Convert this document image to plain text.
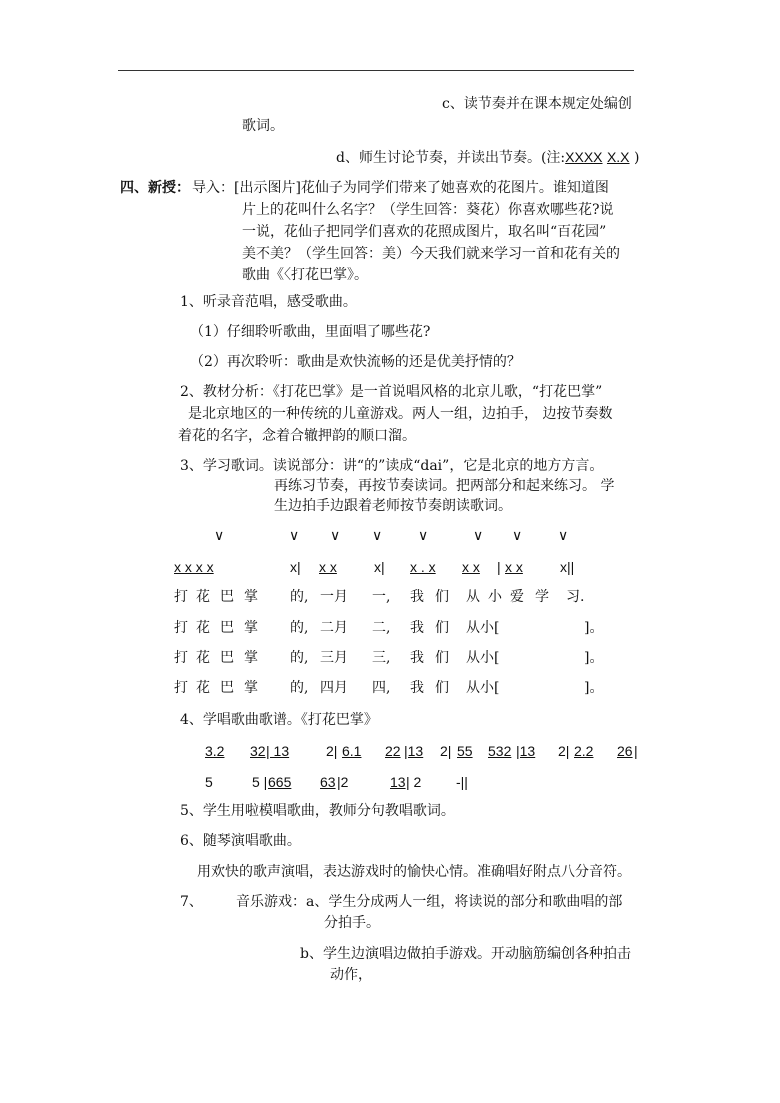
c、读节奏并在课本规定处编创
歌词。
d、师生讨论节奏，并读出节奏。(注:XXXX X.X )
四、新授： 导入：[出示图片]花仙子为同学们带来了她喜欢的花图片。谁知道图
片上的花叫什么名字？（学生回答：葵花）你喜欢哪些花?说
一说，花仙子把同学们喜欢的花照成图片，取名叫“百花园”
美不美？（学生回答：美）今天我们就来学习一首和花有关的
歌曲《〈打花巴掌》。
1、听录音范唱，感受歌曲。
（1）仔细聆听歌曲，里面唱了哪些花?
（2）再次聆听：歌曲是欢快流畅的还是优美抒情的？
2、教材分析：《打花巴掌》是一首说唱风格的北京儿歌，“打花巴掌”
是北京地区的一种传统的儿童游戏。两人一组，边拍手， 边按节奏数
着花的名字，念着合辙押韵的顺口溜。
3、学习歌词。读说部分：讲“的”读成“dai”，它是北京的地方方言。
再练习节奏，再按节奏读词。把两部分和起来练习。 学
生边拍手边跟着老师按节奏朗读歌词。
∨	∨ ∨ ∨	∨	∨ ∨	∨
x x x x	x| x x	x| x . x	x x | x x	x||
打 花 巴 掌 的, 一月 一, 我 们 从 小 爱 学 习.
打 花 巴 掌 的, 二月 二, 我 们 从小[	]。
打 花 巴 掌 的, 三月 三, 我 们 从小[	]。
打 花 巴 掌 的, 四月 四, 我 们 从小[	]。
4、学唱歌曲歌谱。《打花巴掌》
3.2 32 | 13	2| 6.1 22 |13 2| 55 532 |13 2| 2.2 26 |
5	5 | 665 63 |2	13 | 2 -||
5、学生用啦模唱歌曲，教师分句教唱歌词。
6、随琴演唱歌曲。
用欢快的歌声演唱，表达游戏时的愉快心情。准确唱好附点八分音符。
7、 音乐游戏：a、学生分成两人一组，将读说的部分和歌曲唱的部
分拍手。
b、学生边演唱边做拍手游戏。开动脑筋编创各种拍击
动作，
